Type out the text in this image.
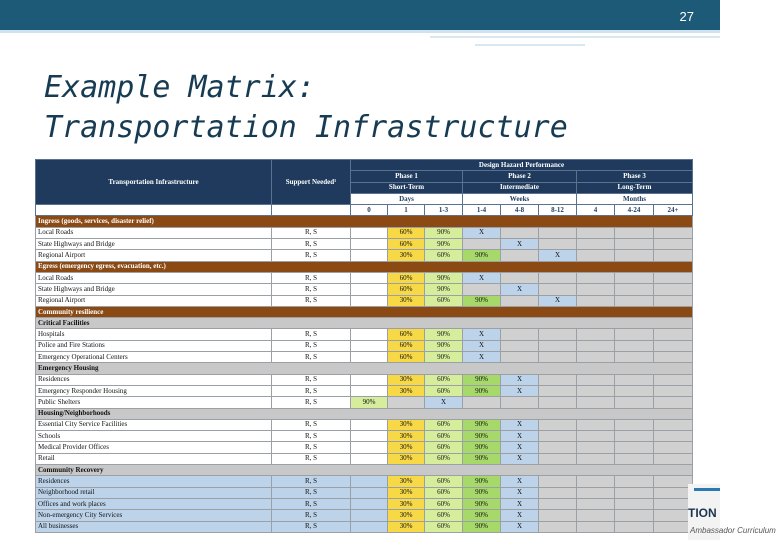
27
Example Matrix:
Transportation Infrastructure
Transportation Infrastructure	Support Needed¹	Design Hazard Performance								
		Phase 1			Phase 2			Phase 3		
		Short-Term			Intermediate			Long-Term		
		Days			Weeks			Months		
		0	1	1-3	1-4	4-8	8-12	4	4-24	24+
Ingress (goods, services, disaster relief)										
Local Roads	R, S		60%	90%	X					
State Highways and Bridge	R, S		60%	90%		X				
Regional Airport	R, S		30%	60%	90%		X			
Egress (emergency egress, evacuation, etc.)										
Local Roads	R, S		60%	90%	X					
State Highways and Bridge	R, S		60%	90%		X				
Regional Airport	R, S		30%	60%	90%		X			
Community resilience										
Critical Facilities										
Hospitals	R, S		60%	90%	X					
Police and Fire Stations	R, S		60%	90%	X					
Emergency Operational Centers	R, S		60%	90%	X					
Emergency Housing										
Residences	R, S		30%	60%	90%	X				
Emergency Responder Housing	R, S		30%	60%	90%	X				
Public Shelters	R, S	90%		X						
Housing/Neighborhoods										
Essential City Service Facilities	R, S		30%	60%	90%	X				
Schools	R, S		30%	60%	90%	X				
Medical Provider Offices	R, S		30%	60%	90%	X				
Retail	R, S		30%	60%	90%	X				
Community Recovery										
Residences	R, S		30%	60%	90%	X				
Neighborhood retail	R, S		30%	60%	90%	X				
Offices and work places	R, S		30%	60%	90%	X				
Non-emergency City Services	R, S		30%	60%	90%	X				
All businesses	R, S		30%	60%	90%	X				
TION
Ambassador Curriculum
